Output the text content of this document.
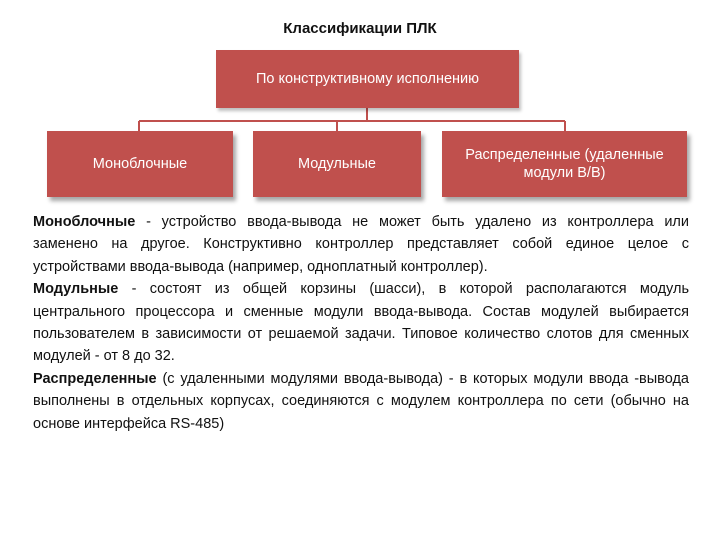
Классификации ПЛК
По конструктивному исполнению
Моноблочные	Модульные
Распределенные (удаленные модули В/В)

Моноблочные - устройство ввода-вывода не может быть удалено из контроллера или заменено на другое. Конструктивно контроллер представляет собой единое целое с устройствами ввода-вывода (например, одноплатный контроллер).

Модульные - состоят из общей корзины (шасси), в которой располагаются модуль центрального процессора и сменные модули ввода-вывода. Состав модулей выбирается пользователем в зависимости от решаемой задачи. Типовое количество слотов для сменных модулей - от 8 до 32.

Распределенные (с удаленными модулями ввода-вывода) - в которых модули ввода -вывода выполнены в отдельных корпусах, соединяются с модулем контроллера по сети (обычно на основе интерфейса RS-485)
